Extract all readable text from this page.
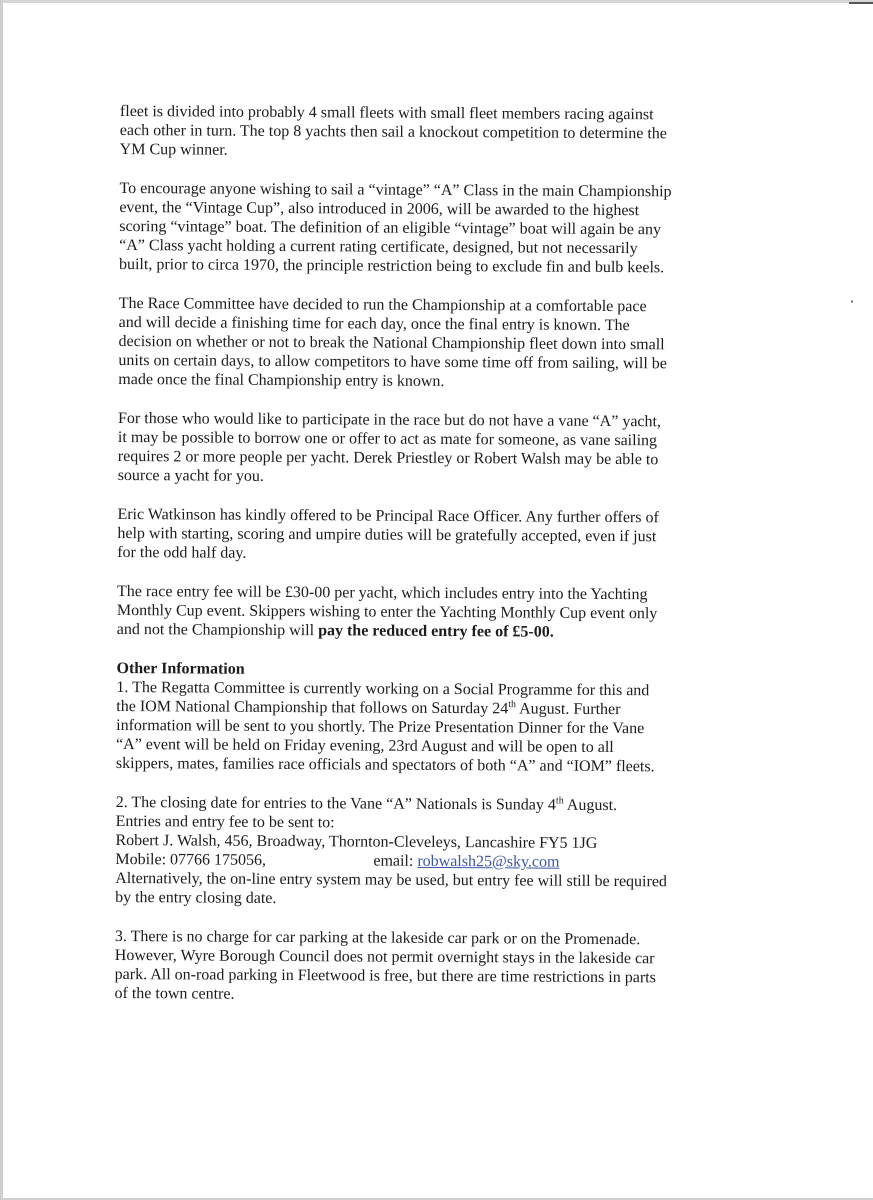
fleet is divided into probably 4 small fleets with small fleet members racing against
each other in turn. The top 8 yachts then sail a knockout competition to determine the
YM Cup winner.

To encourage anyone wishing to sail a “vintage” “A” Class in the main Championship
event, the “Vintage Cup”, also introduced in 2006, will be awarded to the highest
scoring “vintage” boat. The definition of an eligible “vintage” boat will again be any
“A” Class yacht holding a current rating certificate, designed, but not necessarily
built, prior to circa 1970, the principle restriction being to exclude fin and bulb keels.

The Race Committee have decided to run the Championship at a comfortable pace
and will decide a finishing time for each day, once the final entry is known. The
decision on whether or not to break the National Championship fleet down into small
units on certain days, to allow competitors to have some time off from sailing, will be
made once the final Championship entry is known.

For those who would like to participate in the race but do not have a vane “A” yacht,
it may be possible to borrow one or offer to act as mate for someone, as vane sailing
requires 2 or more people per yacht. Derek Priestley or Robert Walsh may be able to
source a yacht for you.

Eric Watkinson has kindly offered to be Principal Race Officer. Any further offers of
help with starting, scoring and umpire duties will be gratefully accepted, even if just
for the odd half day.

The race entry fee will be £30-00 per yacht, which includes entry into the Yachting
Monthly Cup event. Skippers wishing to enter the Yachting Monthly Cup event only
and not the Championship will pay the reduced entry fee of £5-00.

Other Information

1. The Regatta Committee is currently working on a Social Programme for this and
the IOM National Championship that follows on Saturday 24th August. Further
information will be sent to you shortly. The Prize Presentation Dinner for the Vane
“A” event will be held on Friday evening, 23rd August and will be open to all
skippers, mates, families race officials and spectators of both “A” and “IOM” fleets.

2. The closing date for entries to the Vane “A” Nationals is Sunday 4th August.
Entries and entry fee to be sent to:
Robert J. Walsh, 456, Broadway, Thornton-Cleveleys, Lancashire FY5 1JG
Mobile: 07766 175056,	email: robwalsh25@sky.com
Alternatively, the on-line entry system may be used, but entry fee will still be required
by the entry closing date.

3. There is no charge for car parking at the lakeside car park or on the Promenade.
However, Wyre Borough Council does not permit overnight stays in the lakeside car
park. All on-road parking in Fleetwood is free, but there are time restrictions in parts
of the town centre.
